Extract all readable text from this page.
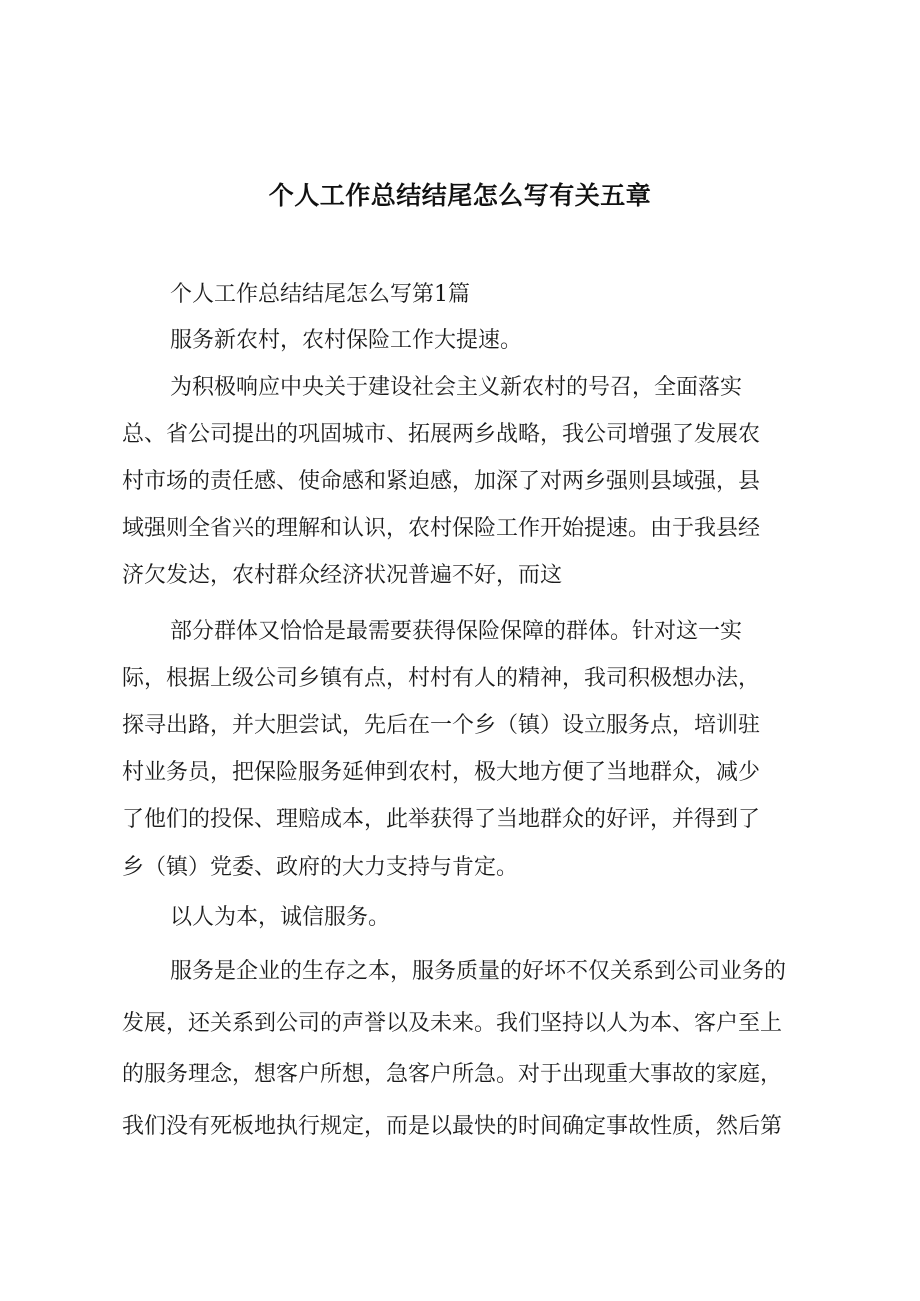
个人工作总结结尾怎么写有关五章
个人工作总结结尾怎么写第1篇
服务新农村，农村保险工作大提速。
为积极响应中央关于建设社会主义新农村的号召，全面落实
总、省公司提出的巩固城市、拓展两乡战略，我公司增强了发展农
村市场的责任感、使命感和紧迫感，加深了对两乡强则县域强，县
域强则全省兴的理解和认识，农村保险工作开始提速。由于我县经
济欠发达，农村群众经济状况普遍不好，而这
部分群体又恰恰是最需要获得保险保障的群体。针对这一实
际，根据上级公司乡镇有点，村村有人的精神，我司积极想办法，
探寻出路，并大胆尝试，先后在一个乡（镇）设立服务点，培训驻
村业务员，把保险服务延伸到农村，极大地方便了当地群众，减少
了他们的投保、理赔成本，此举获得了当地群众的好评，并得到了
乡（镇）党委、政府的大力支持与肯定。
以人为本，诚信服务。
服务是企业的生存之本，服务质量的好坏不仅关系到公司业务的
发展，还关系到公司的声誉以及未来。我们坚持以人为本、客户至上
的服务理念，想客户所想，急客户所急。对于出现重大事故的家庭，
我们没有死板地执行规定，而是以最快的时间确定事故性质，然后第
